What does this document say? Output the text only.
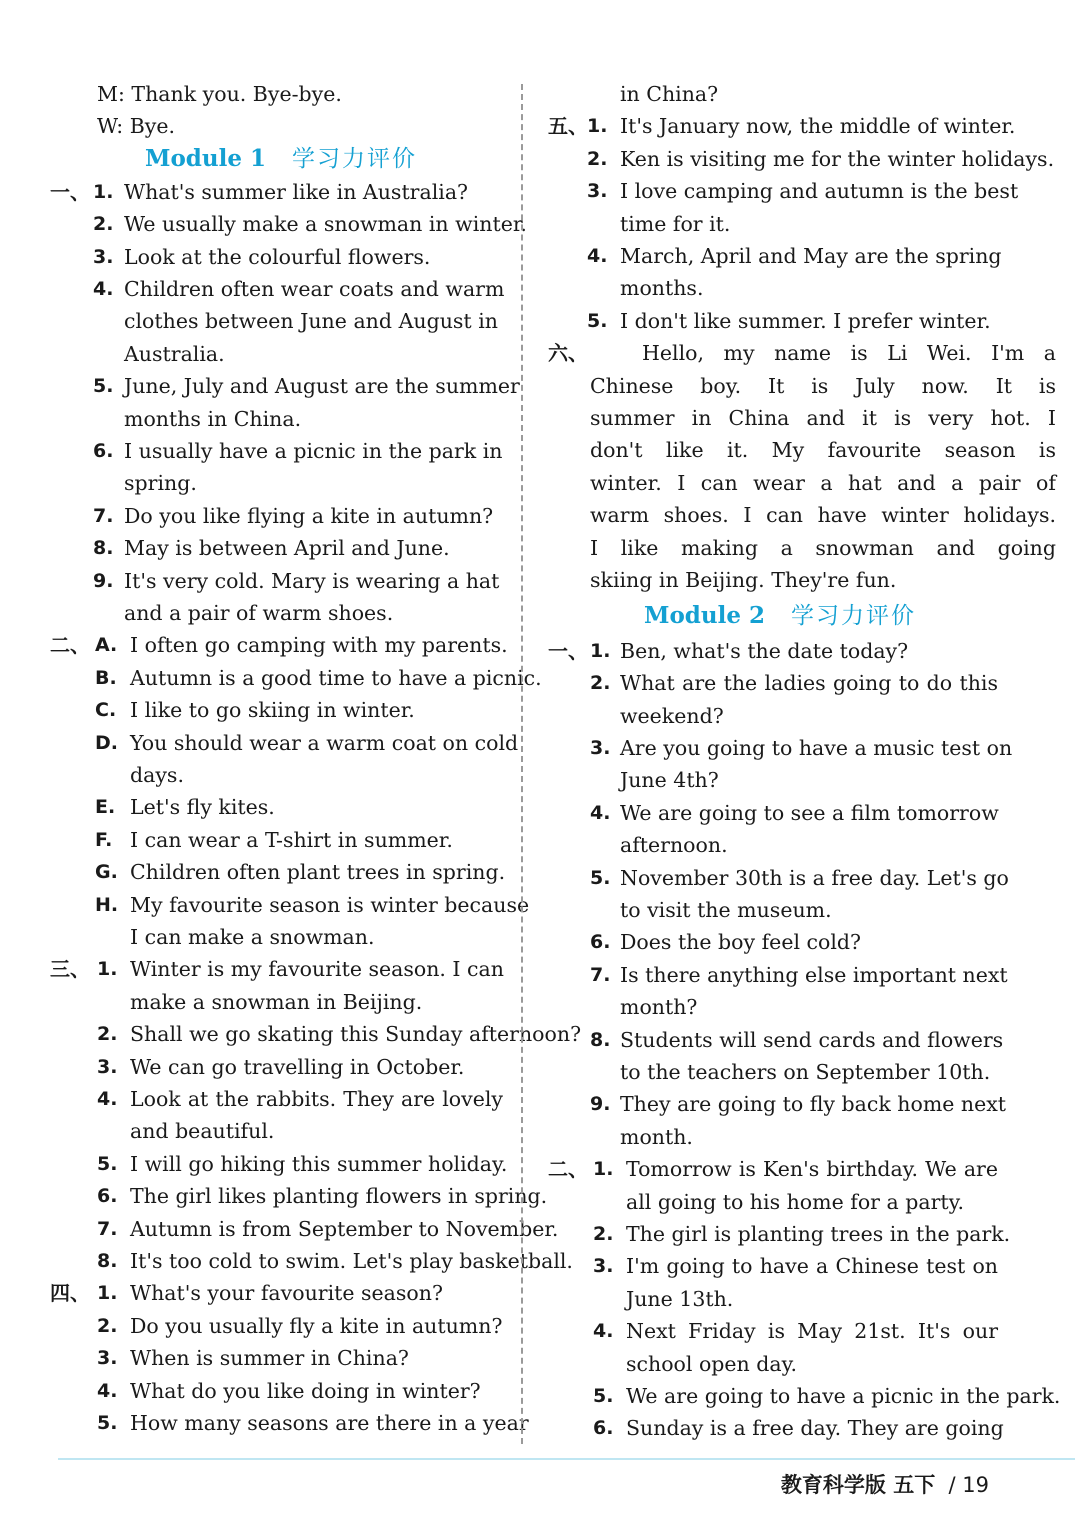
M: Thank you. Bye-bye.
W: Bye.
Module 1 学习力评价
一、 1. What's summer like in Australia?
2. We usually make a snowman in winter.
3. Look at the colourful flowers.
4. Children often wear coats and warm
clothes between June and August in
Australia.
5. June, July and August are the summer
months in China.
6. I usually have a picnic in the park in
spring.
7. Do you like flying a kite in autumn?
8. May is between April and June.
9. It's very cold. Mary is wearing a hat
and a pair of warm shoes.
二、 A. I often go camping with my parents.
B. Autumn is a good time to have a picnic.
C. I like to go skiing in winter.
D. You should wear a warm coat on cold
days.
E. Let's fly kites.
F. I can wear a T-shirt in summer.
G. Children often plant trees in spring.
H. My favourite season is winter because
I can make a snowman.
三、 1. Winter is my favourite season. I can
make a snowman in Beijing.
2. Shall we go skating this Sunday afternoon?
3. We can go travelling in October.
4. Look at the rabbits. They are lovely
and beautiful.
5. I will go hiking this summer holiday.
6. The girl likes planting flowers in spring.
7. Autumn is from September to November.
8. It's too cold to swim. Let's play basketball.
四、 1. What's your favourite season?
2. Do you usually fly a kite in autumn?
3. When is summer in China?
4. What do you like doing in winter?
5. How many seasons are there in a year
in China?
五、 1. It's January now, the middle of winter.
2. Ken is visiting me for the winter holidays.
3. I love camping and autumn is the best
time for it.
4. March, April and May are the spring
months.
5. I don't like summer. I prefer winter.
六、	Hello, my name is Li Wei. I'm a
Chinese boy. It is July now. It is
summer in China and it is very hot. I
don't like it. My favourite season is
winter. I can wear a hat and a pair of
warm shoes. I can have winter holidays.
I like making a snowman and going
skiing in Beijing. They're fun.
Module 2 学习力评价
一、 1. Ben, what's the date today?
2. What are the ladies going to do this
weekend?
3. Are you going to have a music test on
June 4th?
4. We are going to see a film tomorrow
afternoon.
5. November 30th is a free day. Let's go
to visit the museum.
6. Does the boy feel cold?
7. Is there anything else important next
month?
8. Students will send cards and flowers
to the teachers on September 10th.
9. They are going to fly back home next
month.
二、 1. Tomorrow is Ken's birthday. We are
all going to his home for a party.
2. The girl is planting trees in the park.
3. I'm going to have a Chinese test on
June 13th.
4. Next Friday is May 21st. It's our
school open day.
5. We are going to have a picnic in the park.
6. Sunday is a free day. They are going
教育科学版 五下 / 19
